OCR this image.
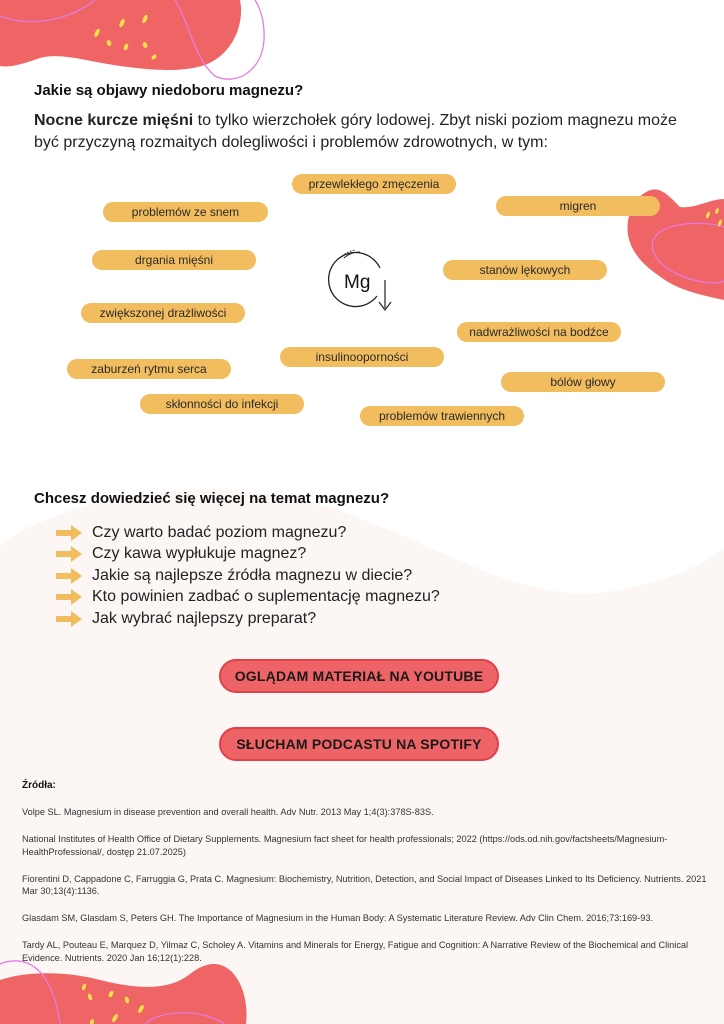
Jakie są objawy niedoboru magnezu?
Nocne kurcze mięśni to tylko wierzchołek góry lodowej. Zbyt niski poziom magnezu może być przyczyną rozmaitych dolegliwości i problemów zdrowotnych, w tym:
przewlekłego zmęczenia
problemów ze snem	migren
drgania mięśni
stanów lękowych
zwiększonej drażliwości
nadwrażliwości na bodźce
insulinooporności
zaburzeń rytmu serca
bólów głowy
skłonności do infekcji
problemów trawiennych
Mg
Chcesz dowiedzieć się więcej na temat magnezu?
Czy warto badać poziom magnezu?
Czy kawa wypłukuje magnez?
Jakie są najlepsze źródła magnezu w diecie?
Kto powinien zadbać o suplementację magnezu?
Jak wybrać najlepszy preparat?
OGLĄDAM MATERIAŁ NA YOUTUBE
SŁUCHAM PODCASTU NA SPOTIFY
Źródła:

Volpe SL. Magnesium in disease prevention and overall health. Adv Nutr. 2013 May 1;4(3):378S-83S.

National Institutes of Health Office of Dietary Supplements. Magnesium fact sheet for health professionals; 2022 (https://ods.od.nih.gov/factsheets/Magnesium-HealthProfessional/, dostęp 21.07.2025)

Fiorentini D, Cappadone C, Farruggia G, Prata C. Magnesium: Biochemistry, Nutrition, Detection, and Social Impact of Diseases Linked to Its Deficiency. Nutrients. 2021 Mar 30;13(4):1136.

Glasdam SM, Glasdam S, Peters GH. The Importance of Magnesium in the Human Body: A Systematic Literature Review. Adv Clin Chem. 2016;73:169-93.

Tardy AL, Pouteau E, Marquez D, Yilmaz C, Scholey A. Vitamins and Minerals for Energy, Fatigue and Cognition: A Narrative Review of the Biochemical and Clinical Evidence. Nutrients. 2020 Jan 16;12(1):228.
